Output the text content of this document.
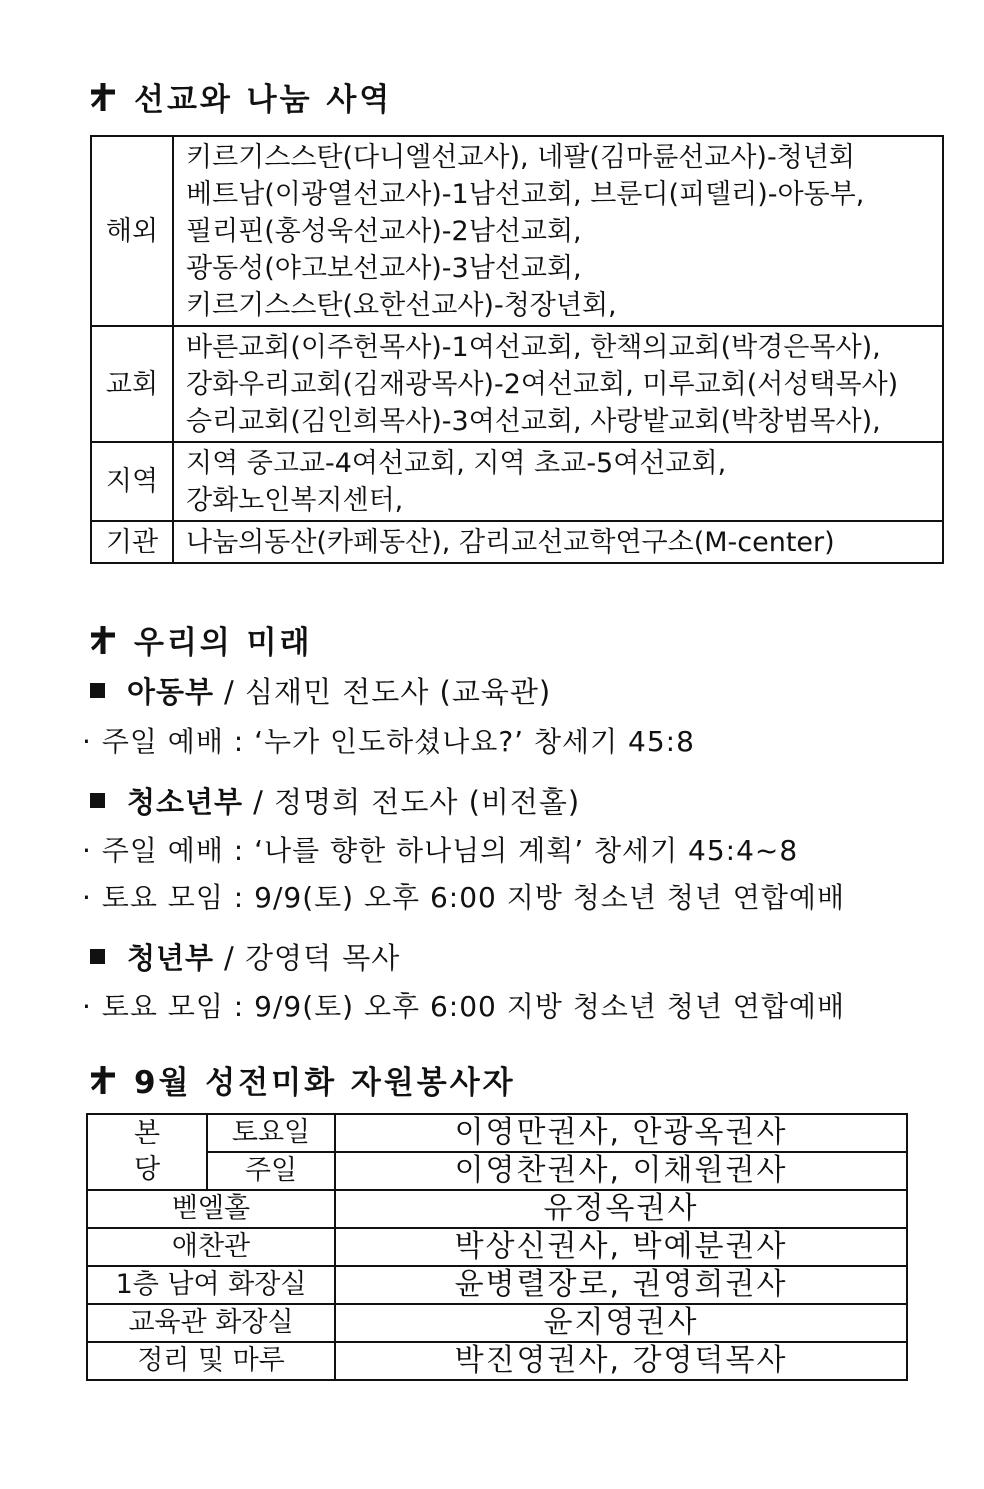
선교와 나눔 사역
해외	키르기스스탄(다니엘선교사), 네팔(김마륜선교사)-청년회
베트남(이광열선교사)-1남선교회, 브룬디(피델리)-아동부,
필리핀(홍성욱선교사)-2남선교회,
광동성(야고보선교사)-3남선교회,
키르기스스탄(요한선교사)-청장년회,

교회	바른교회(이주헌목사)-1여선교회, 한책의교회(박경은목사),
강화우리교회(김재광목사)-2여선교회, 미루교회(서성택목사)
승리교회(김인희목사)-3여선교회, 사랑밭교회(박창범목사),

지역	지역 중고교-4여선교회, 지역 초교-5여선교회,
강화노인복지센터,

기관	나눔의동산(카페동산), 감리교선교학연구소(M-center)
우리의 미래
아동부 / 심재민 전도사 (교육관)
· 주일 예배 : ‘누가 인도하셨나요?’ 창세기 45:8
청소년부 / 정명희 전도사 (비전홀)
· 주일 예배 : ‘나를 향한 하나님의 계획’ 창세기 45:4~8
· 토요 모임 : 9/9(토) 오후 6:00 지방 청소년 청년 연합예배
청년부 / 강영덕 목사
· 토요 모임 : 9/9(토) 오후 6:00 지방 청소년 청년 연합예배
9월 성전미화 자원봉사자
본
당	토요일	이영만권사, 안광옥권사
	주일	이영찬권사, 이채원권사
벧엘홀		유정옥권사
애찬관		박상신권사, 박예분권사
1층 남여 화장실		윤병렬장로, 권영희권사
교육관 화장실		윤지영권사
정리 및 마루		박진영권사, 강영덕목사
